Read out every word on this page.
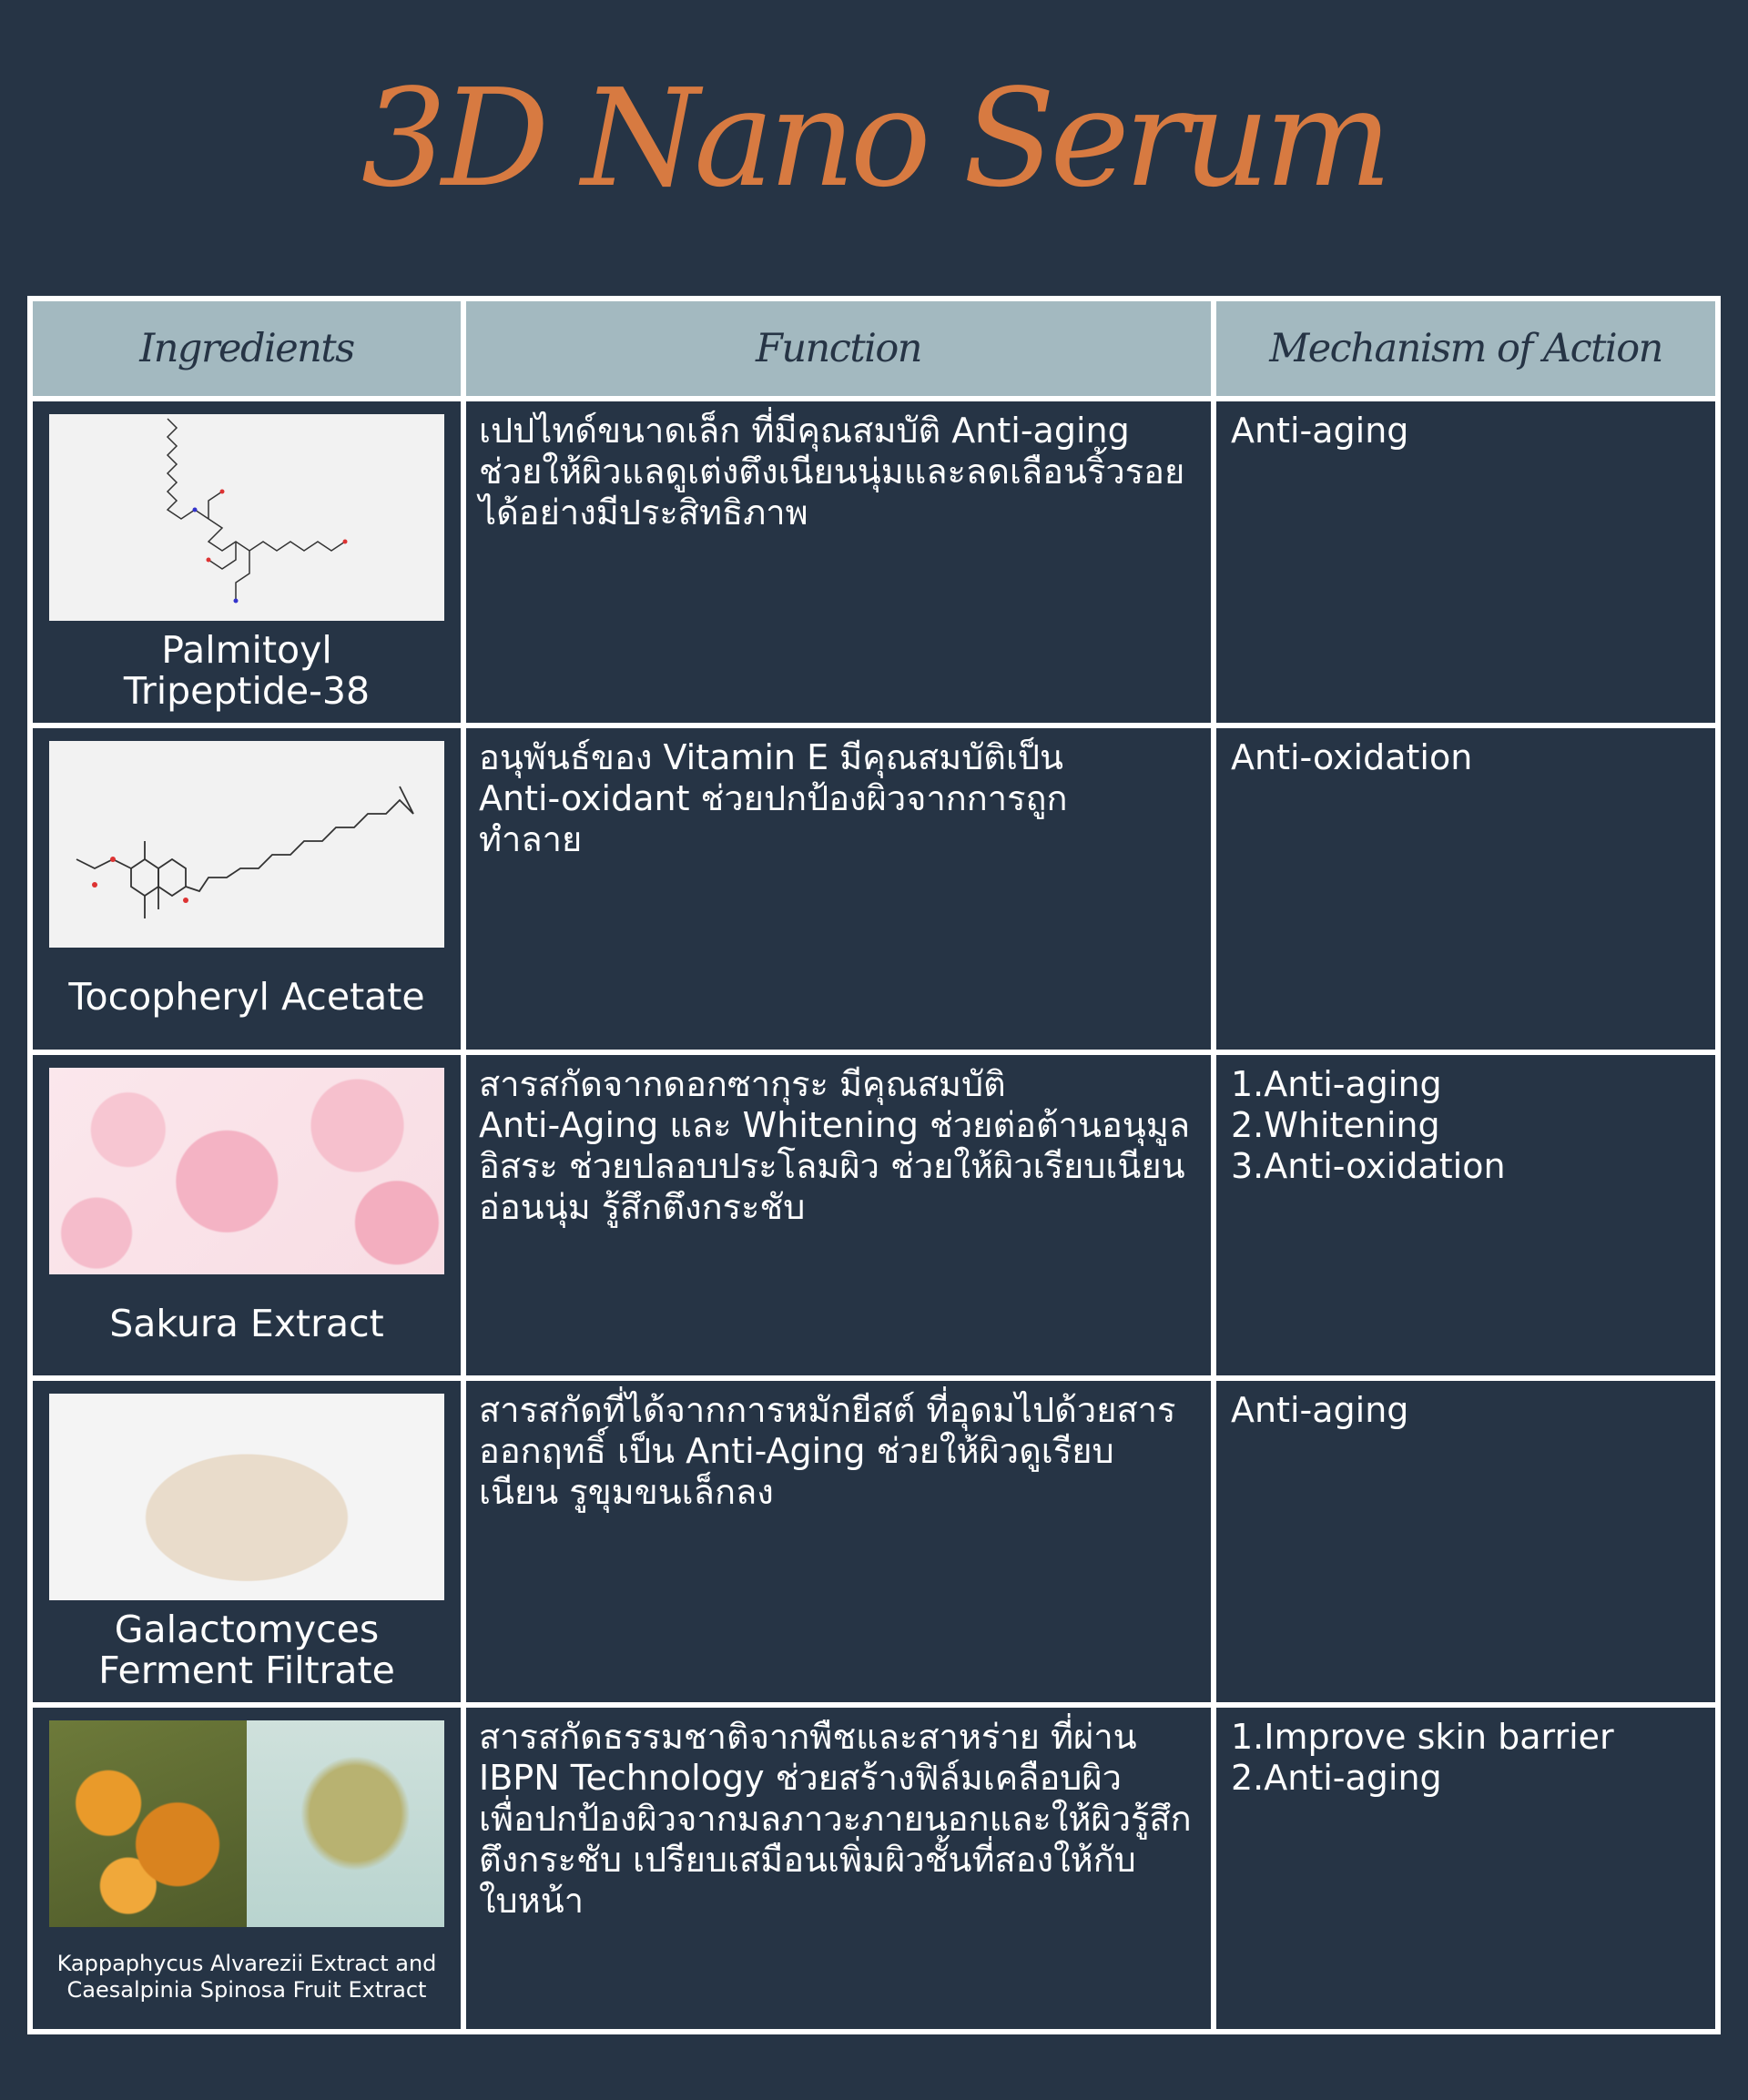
3D Nano Serum
Ingredients	Function	Mechanism of Action
Palmitoyl
Tripeptide-38
เปปไทด์ขนาดเล็ก ที่มีคุณสมบัติ Anti-aging
ช่วยให้ผิวแลดูเต่งตึงเนียนนุ่มและลดเลือนริ้วรอย
ได้อย่างมีประสิทธิภาพ
Anti-aging
Tocopheryl Acetate
อนุพันธ์ของ Vitamin E มีคุณสมบัติเป็น
Anti-oxidant ช่วยปกป้องผิวจากการถูก
ทำลาย
Anti-oxidation
Sakura Extract
สารสกัดจากดอกซากุระ มีคุณสมบัติ
Anti-Aging และ Whitening ช่วยต่อต้านอนุมูล
อิสระ ช่วยปลอบประโลมผิว ช่วยให้ผิวเรียบเนียน
อ่อนนุ่ม รู้สึกตึงกระชับ
1.Anti-aging
2.Whitening
3.Anti-oxidation
Galactomyces
Ferment Filtrate
สารสกัดที่ได้จากการหมักยีสต์ ที่อุดมไปด้วยสาร
ออกฤทธิ์ เป็น Anti-Aging ช่วยให้ผิวดูเรียบ
เนียน รูขุมขนเล็กลง
Anti-aging
Kappaphycus Alvarezii Extract and
Caesalpinia Spinosa Fruit Extract
สารสกัดธรรมชาติจากพืชและสาหร่าย ที่ผ่าน
IBPN Technology ช่วยสร้างฟิล์มเคลือบผิว
เพื่อปกป้องผิวจากมลภาวะภายนอกและให้ผิวรู้สึก
ตึงกระชับ เปรียบเสมือนเพิ่มผิวชั้นที่สองให้กับ
ใบหน้า
1.Improve skin barrier
2.Anti-aging
